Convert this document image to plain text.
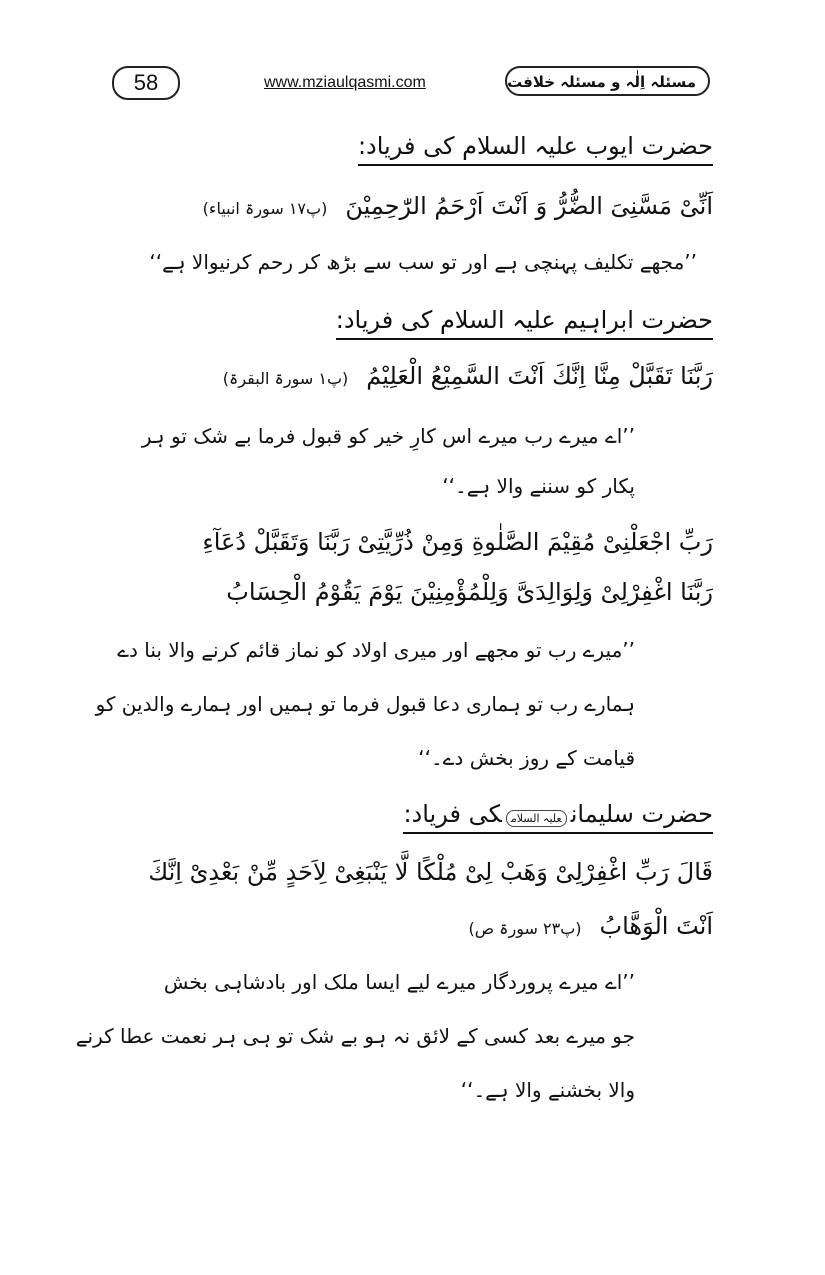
58	www.mziaulqasmi.com	مسئلہ اِلٰہ و مسئلہ خلافت
حضرت ایوب علیہ السلام کی فریاد:
اَنِّیْ مَسَّنِیَ الضُّرُّ وَ اَنْتَ اَرْحَمُ الرّٰحِمِیْنَ(پ۱۷ سورۃ انبیاء)
’’مجھے تکلیف پہنچی ہے اور تو سب سے بڑھ کر رحم کرنیوالا ہے‘‘
حضرت ابراہیم علیہ السلام کی فریاد:
رَبَّنَا تَقَبَّلْ مِنَّا اِنَّكَ اَنْتَ السَّمِیْعُ الْعَلِیْمُ(پ۱ سورۃ البقرۃ)
’’اے میرے رب میرے اس کارِ خیر کو قبول فرما بے شک تو ہر
پکار کو سننے والا ہے۔‘‘
رَبِّ اجْعَلْنِیْ مُقِیْمَ الصَّلٰوةِ وَمِنْ ذُرِّیَّتِیْ رَبَّنَا وَتَقَبَّلْ دُعَآءِ
رَبَّنَا اغْفِرْلِیْ وَلِوَالِدَیَّ وَلِلْمُؤْمِنِیْنَ یَوْمَ یَقُوْمُ الْحِسَابُ
’’میرے رب تو مجھے اور میری اولاد کو نماز قائم کرنے والا بنا دے
ہمارے رب تو ہماری دعا قبول فرما تو ہمیں اور ہمارے والدین کو
قیامت کے روز بخش دے۔‘‘
حضرت سلیمانعلیہ السلامکی فریاد:
قَالَ رَبِّ اغْفِرْلِیْ وَهَبْ لِیْ مُلْكًا لَّا یَنْبَغِیْ لِاَحَدٍ مِّنْ بَعْدِیْ اِنَّكَ
اَنْتَ الْوَهَّابُ(پ۲۳ سورۃ ص)
’’اے میرے پروردگار میرے لیے ایسا ملک اور بادشاہی بخش
جو میرے بعد کسی کے لائق نہ ہو بے شک تو ہی ہر نعمت عطا کرنے
والا بخشنے والا ہے۔‘‘
